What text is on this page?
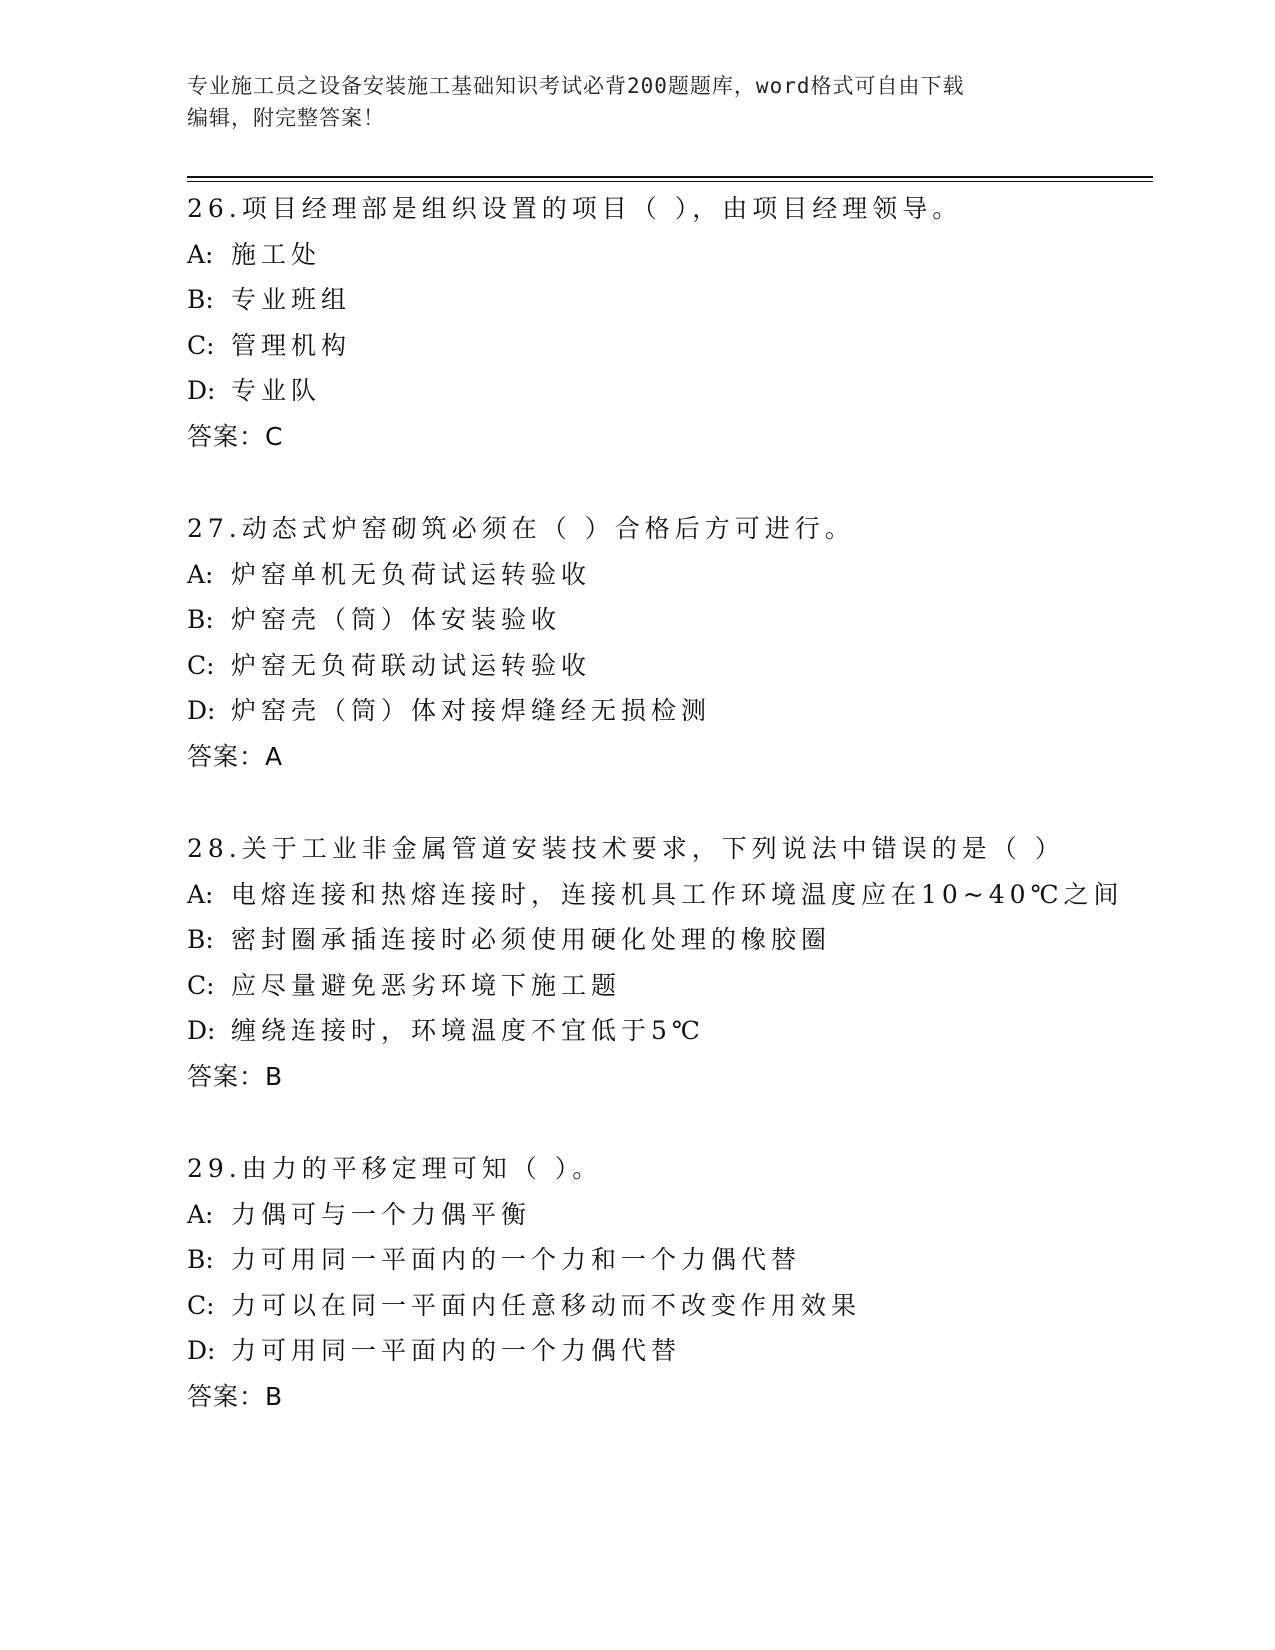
专业施工员之设备安装施工基础知识考试必背200题题库，word格式可自由下载
编辑，附完整答案！
26.项目经理部是组织设置的项目（ ），由项目经理领导。
A: 施工处
B: 专业班组
C: 管理机构
D: 专业队
答案：C
27.动态式炉窑砌筑必须在（ ）合格后方可进行。
A: 炉窑单机无负荷试运转验收
B: 炉窑壳（筒）体安装验收
C: 炉窑无负荷联动试运转验收
D: 炉窑壳（筒）体对接焊缝经无损检测
答案：A
28.关于工业非金属管道安装技术要求，下列说法中错误的是（ ）
A: 电熔连接和热熔连接时，连接机具工作环境温度应在10~40℃之间
B: 密封圈承插连接时必须使用硬化处理的橡胶圈
C: 应尽量避免恶劣环境下施工题
D: 缠绕连接时，环境温度不宜低于5℃
答案：B
29.由力的平移定理可知（ ）。
A: 力偶可与一个力偶平衡
B: 力可用同一平面内的一个力和一个力偶代替
C: 力可以在同一平面内任意移动而不改变作用效果
D: 力可用同一平面内的一个力偶代替
答案：B
